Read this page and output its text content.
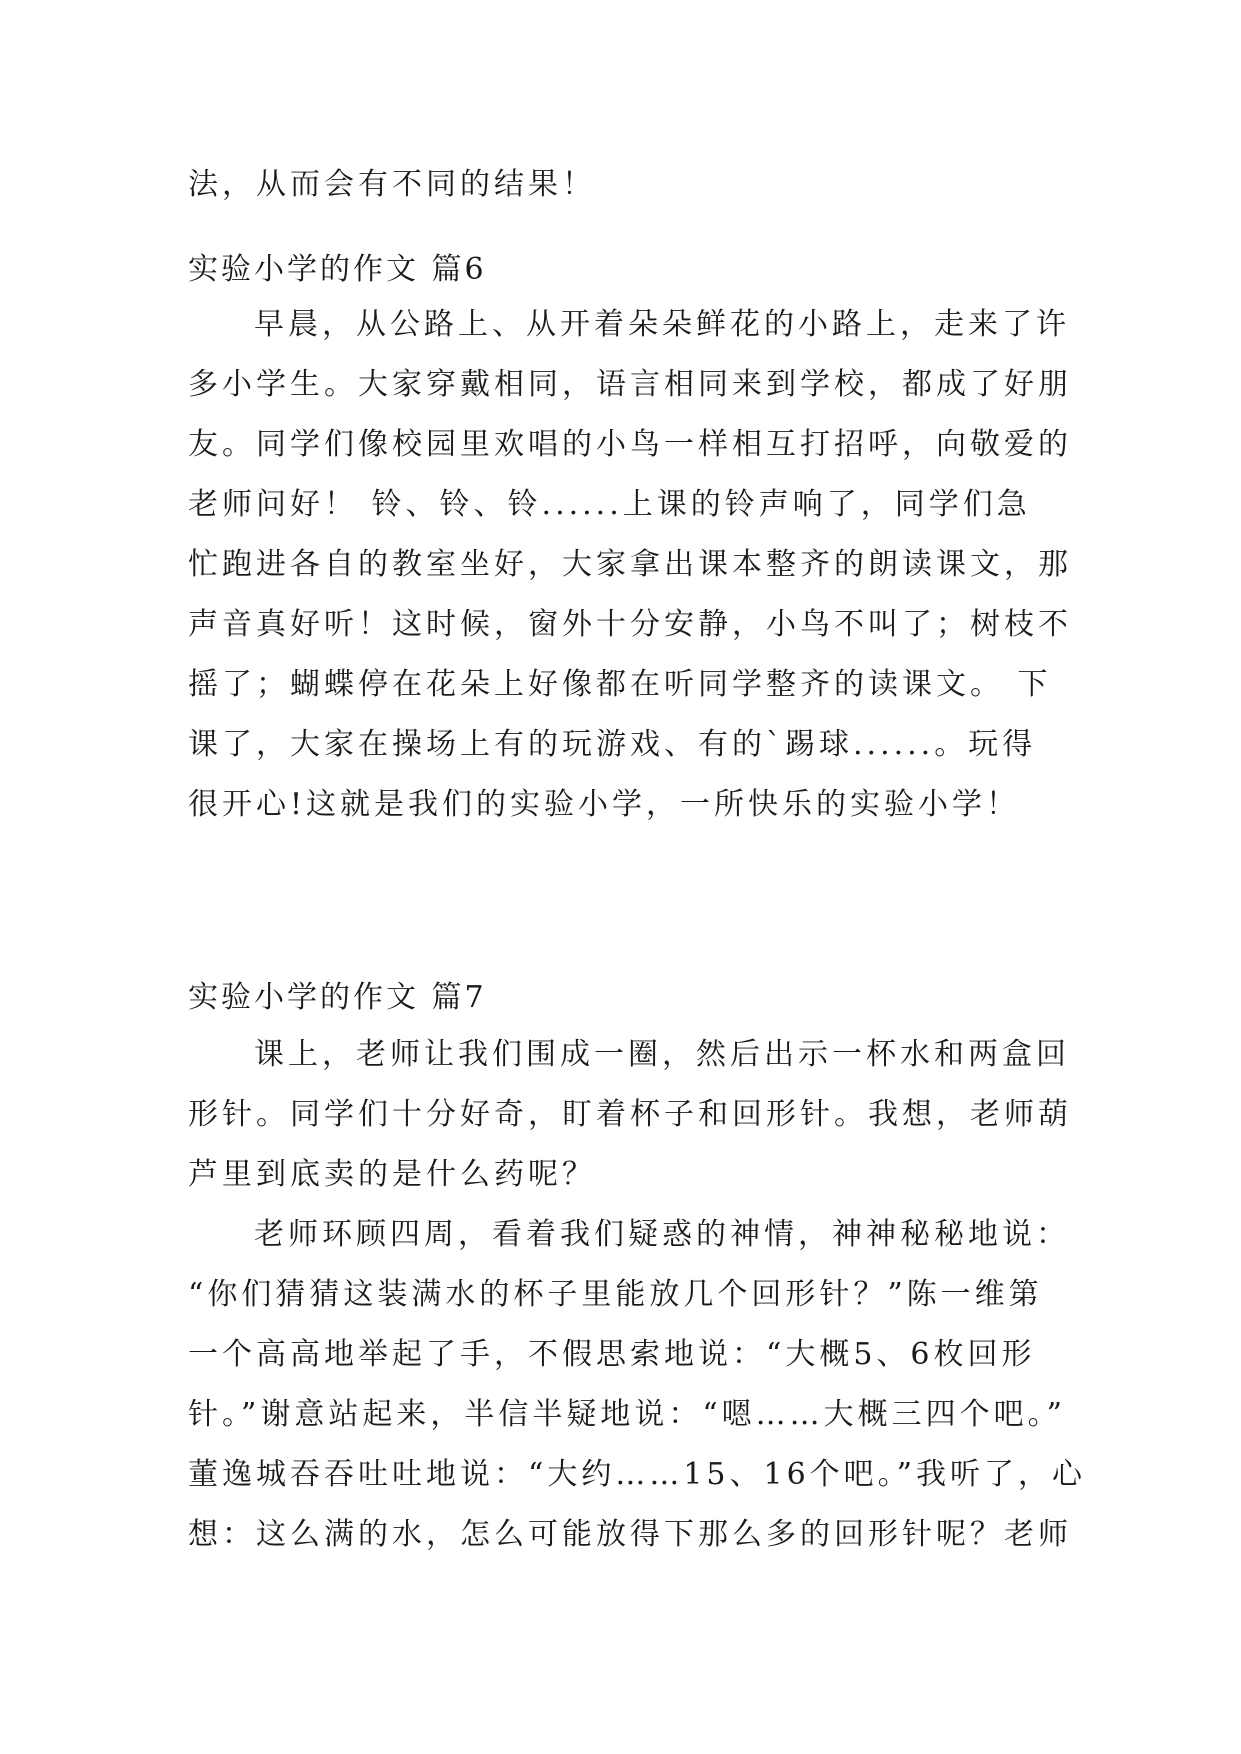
法，从而会有不同的结果！
实验小学的作文 篇6
早晨，从公路上、从开着朵朵鲜花的小路上，走来了许
多小学生。大家穿戴相同，语言相同来到学校，都成了好朋
友。同学们像校园里欢唱的小鸟一样相互打招呼，向敬爱的
老师问好！ 铃、铃、铃......上课的铃声响了，同学们急
忙跑进各自的教室坐好，大家拿出课本整齐的朗读课文，那
声音真好听！这时候，窗外十分安静，小鸟不叫了；树枝不
摇了；蝴蝶停在花朵上好像都在听同学整齐的读课文。 下
课了，大家在操场上有的玩游戏、有的`踢球......。玩得
很开心!这就是我们的实验小学，一所快乐的实验小学！
实验小学的作文 篇7
课上，老师让我们围成一圈，然后出示一杯水和两盒回
形针。同学们十分好奇，盯着杯子和回形针。我想，老师葫
芦里到底卖的是什么药呢？
老师环顾四周，看着我们疑惑的神情，神神秘秘地说：
“你们猜猜这装满水的杯子里能放几个回形针？”陈一维第
一个高高地举起了手，不假思索地说：“大概5、6枚回形
针。”谢意站起来，半信半疑地说：“嗯……大概三四个吧。”
董逸城吞吞吐吐地说：“大约……15、16个吧。”我听了，心
想：这么满的水，怎么可能放得下那么多的回形针呢？老师
